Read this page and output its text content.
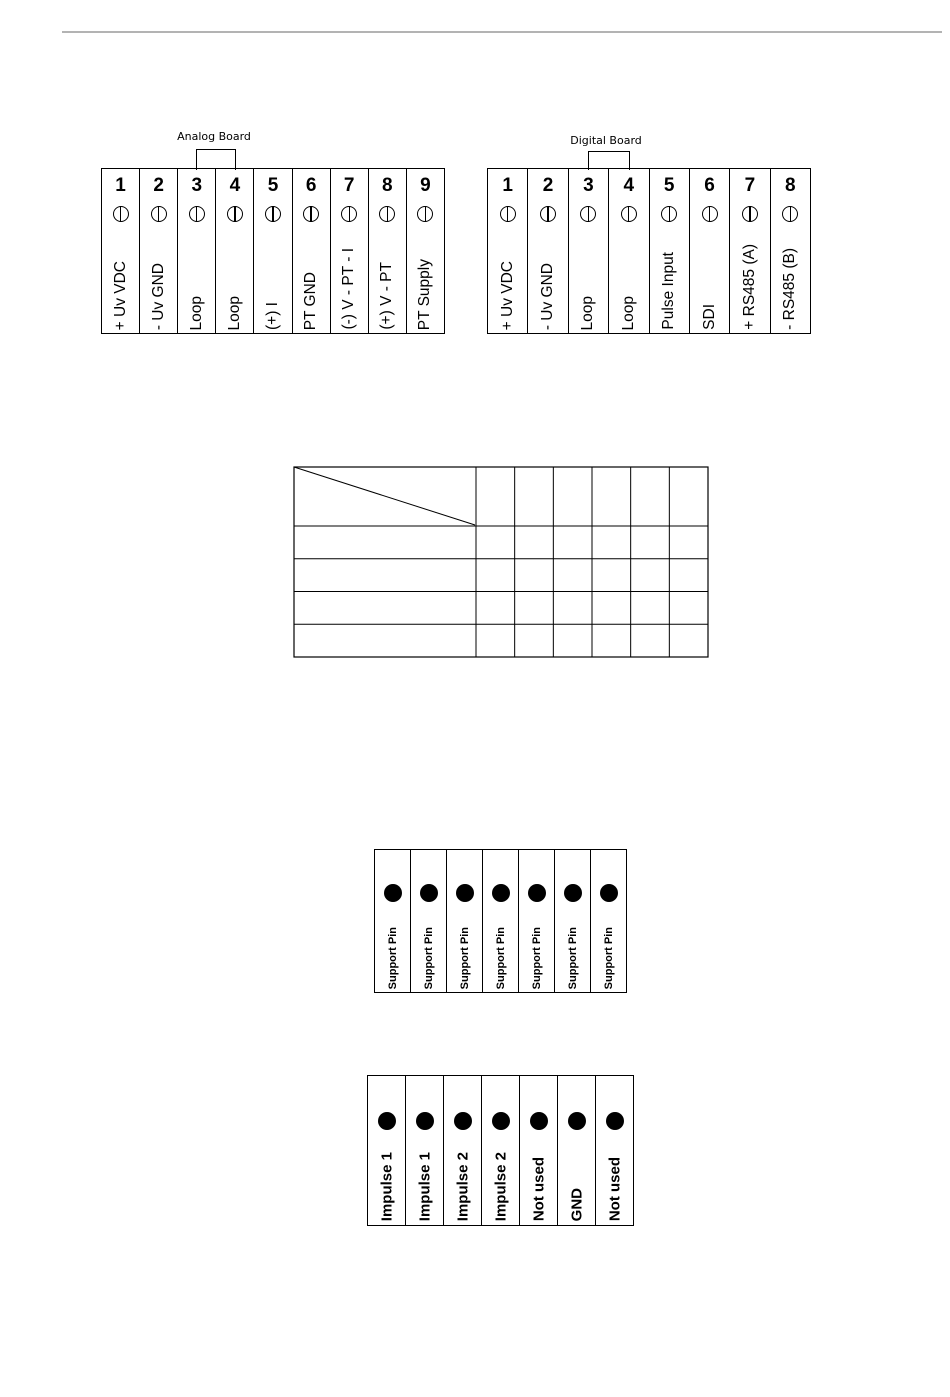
Analog Board
1
+ Uv VDC
2
- Uv GND
3
Loop
4
Loop
5
(+) I
6
PT GND
7
(-) V - PT - I
8
(+) V - PT
9
PT Supply
Digital Board
1
+ Uv VDC
2
- Uv GND
3
Loop
4
Loop
5
Pulse Input
6
SDI
7
+ RS485 (A)
8
- RS485 (B)
Support Pin Support Pin Support Pin Support Pin Support Pin Support Pin Support Pin
Impulse 1 Impulse 1 Impulse 2 Impulse 2 Not used GND Not used
